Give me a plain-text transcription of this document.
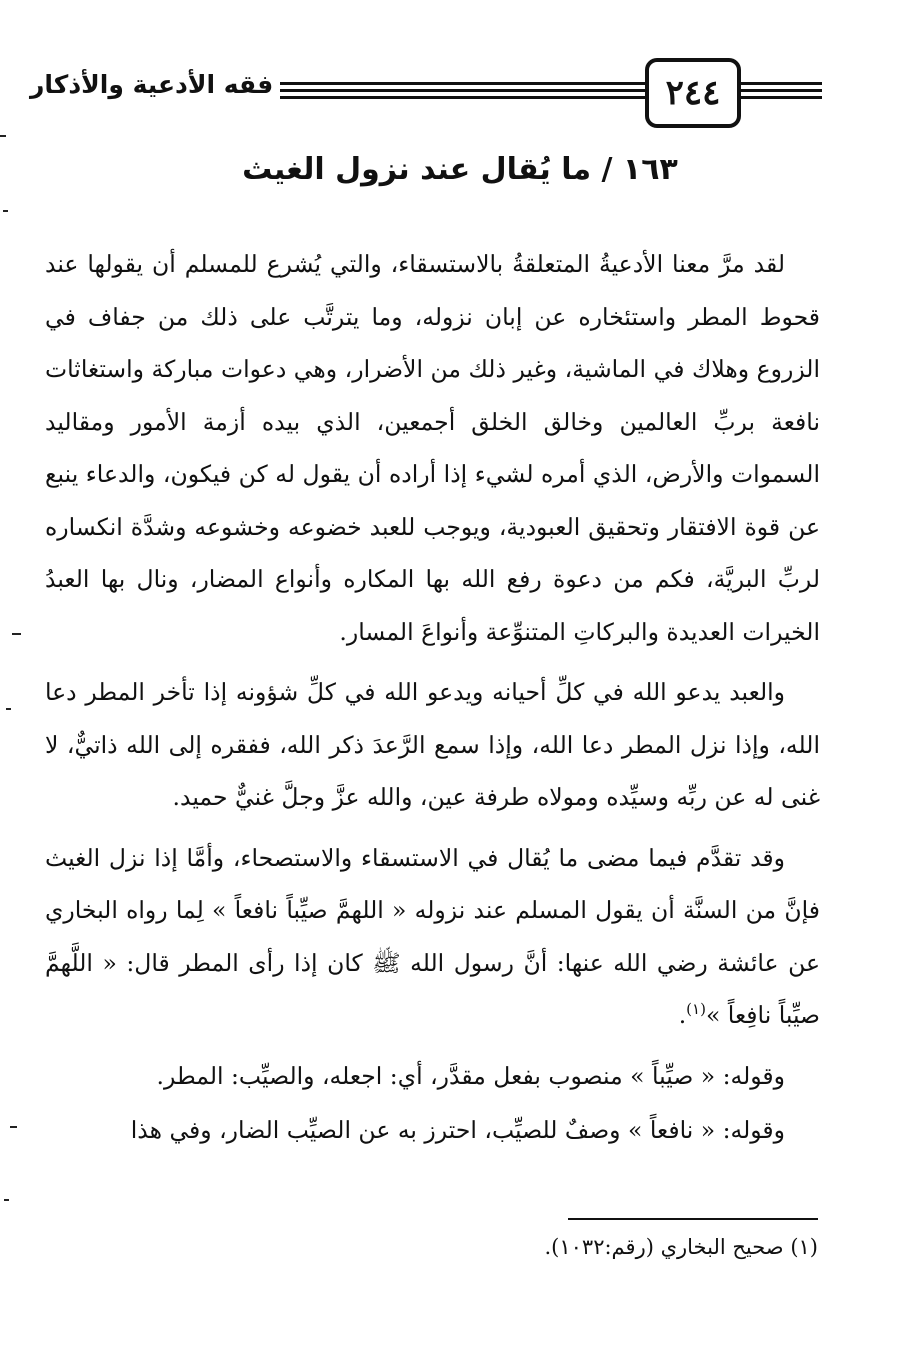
٢٤٤
فقه الأدعية والأذكار
١٦٣ / ما يُقال عند نزول الغيث

لقد مرَّ معنا الأدعيةُ المتعلقةُ بالاستسقاء، والتي يُشرع للمسلم أن يقولها عند قحوط المطر واستئخاره عن إبان نزوله، وما يترتَّب على ذلك من جفاف في الزروع وهلاك في الماشية، وغير ذلك من الأضرار، وهي دعوات مباركة واستغاثات نافعة بربِّ العالمين وخالق الخلق أجمعين، الذي بيده أزمة الأمور ومقاليد السموات والأرض، الذي أمره لشيء إذا أراده أن يقول له كن فيكون، والدعاء ينبع عن قوة الافتقار وتحقيق العبودية، ويوجب للعبد خضوعه وخشوعه وشدَّة انكساره لربِّ البريَّة، فكم من دعوة رفع الله بها المكاره وأنواع المضار، ونال بها العبدُ الخيرات العديدة والبركاتِ المتنوِّعة وأنواعَ المسار.

والعبد يدعو الله في كلِّ أحيانه ويدعو الله في كلِّ شؤونه إذا تأخر المطر دعا الله، وإذا نزل المطر دعا الله، وإذا سمع الرَّعدَ ذكر الله، ففقره إلى الله ذاتيٌّ، لا غنى له عن ربِّه وسيِّده ومولاه طرفة عين، والله عزَّ وجلَّ غنيٌّ حميد.

وقد تقدَّم فيما مضى ما يُقال في الاستسقاء والاستصحاء، وأمَّا إذا نزل الغيث فإنَّ من السنَّة أن يقول المسلم عند نزوله « اللهمَّ صيِّباً نافعاً » لِما رواه البخاري عن عائشة رضي الله عنها: أنَّ رسول الله ﷺ كان إذا رأى المطر قال: « اللَّهمَّ صيِّباً نافِعاً »$^{(١)}$.

وقوله: « صيِّباً » منصوب بفعل مقدَّر، أي: اجعله، والصيِّب: المطر.

وقوله: « نافعاً » وصفٌ للصيِّب، احترز به عن الصيِّب الضار، وفي هذا

(١) صحيح البخاري (رقم:١٠٣٢).
